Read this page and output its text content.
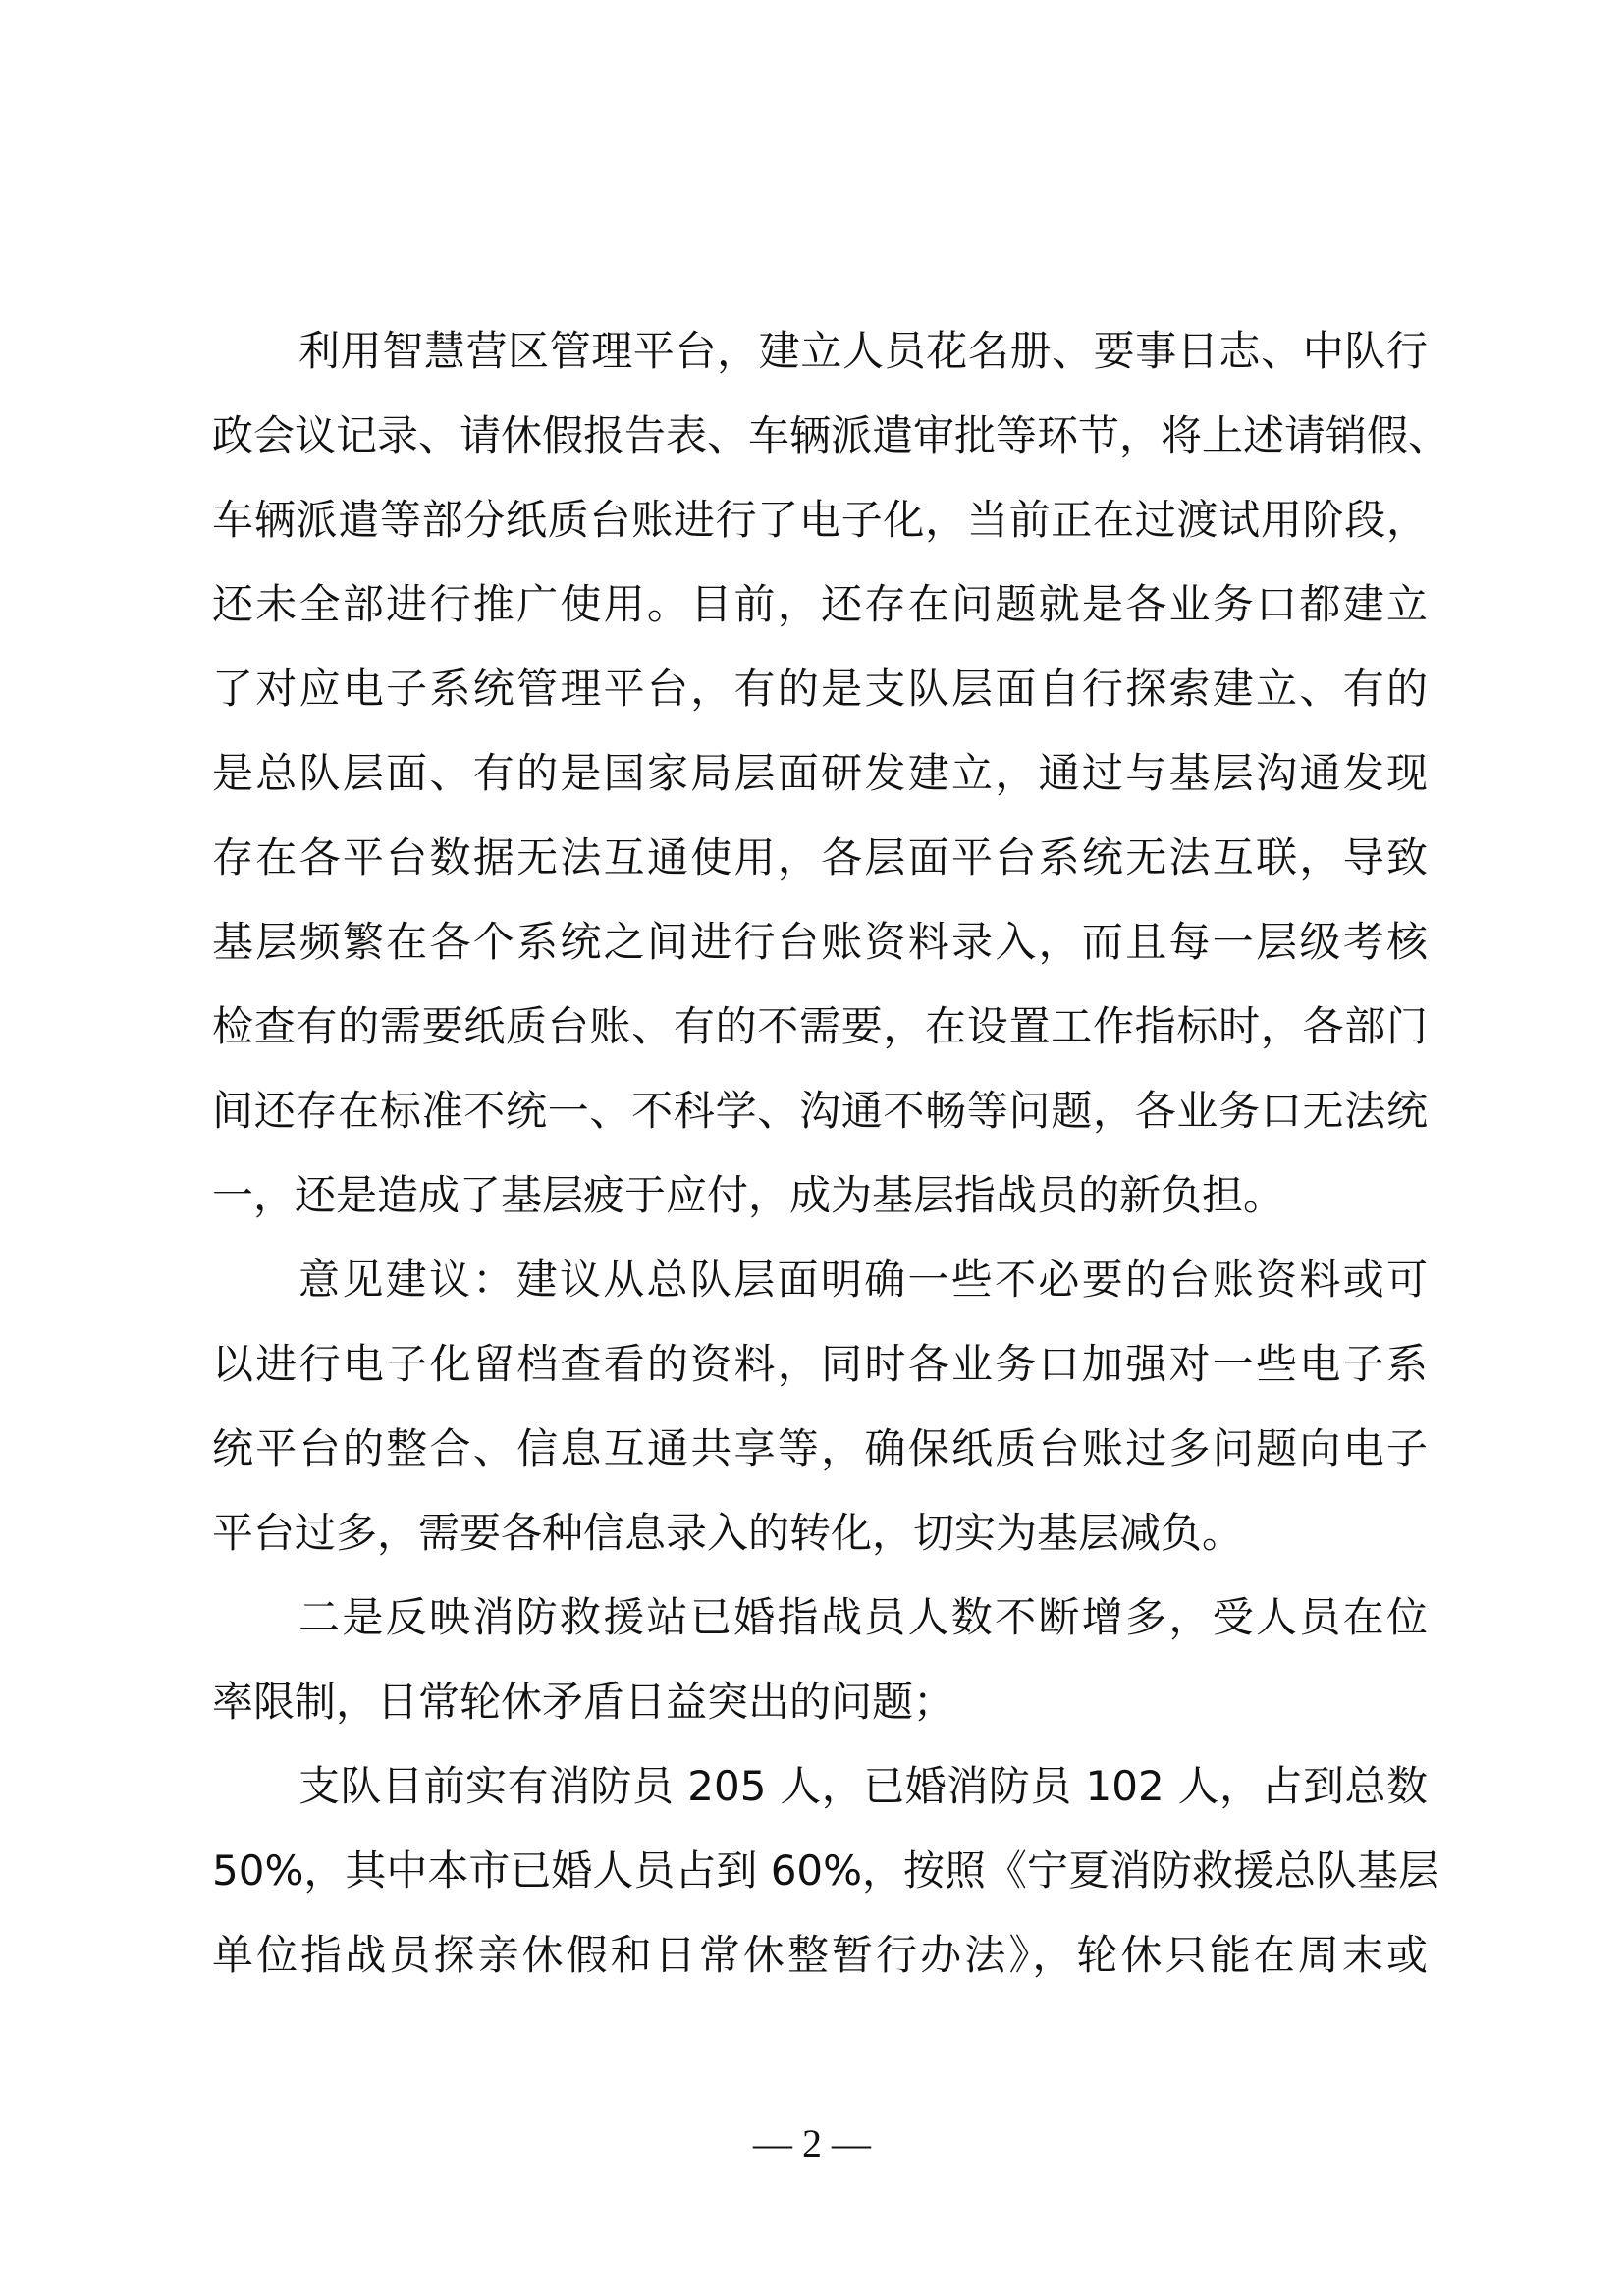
利用智慧营区管理平台，建立人员花名册、要事日志、中队行
政会议记录、请休假报告表、车辆派遣审批等环节，将上述请销假、
车辆派遣等部分纸质台账进行了电子化，当前正在过渡试用阶段，
还未全部进行推广使用。目前，还存在问题就是各业务口都建立
了对应电子系统管理平台，有的是支队层面自行探索建立、有的
是总队层面、有的是国家局层面研发建立，通过与基层沟通发现
存在各平台数据无法互通使用，各层面平台系统无法互联，导致
基层频繁在各个系统之间进行台账资料录入，而且每一层级考核
检查有的需要纸质台账、有的不需要，在设置工作指标时，各部门
间还存在标准不统一、不科学、沟通不畅等问题，各业务口无法统
一，还是造成了基层疲于应付，成为基层指战员的新负担。
意见建议：建议从总队层面明确一些不必要的台账资料或可
以进行电子化留档查看的资料，同时各业务口加强对一些电子系
统平台的整合、信息互通共享等，确保纸质台账过多问题向电子
平台过多，需要各种信息录入的转化，切实为基层减负。
二是反映消防救援站已婚指战员人数不断增多，受人员在位
率限制，日常轮休矛盾日益突出的问题；
支队目前实有消防员 205 人，已婚消防员 102 人，占到总数
50%，其中本市已婚人员占到 60%，按照《宁夏消防救援总队基层
单位指战员探亲休假和日常休整暂行办法》，轮休只能在周末或
— 2 —
